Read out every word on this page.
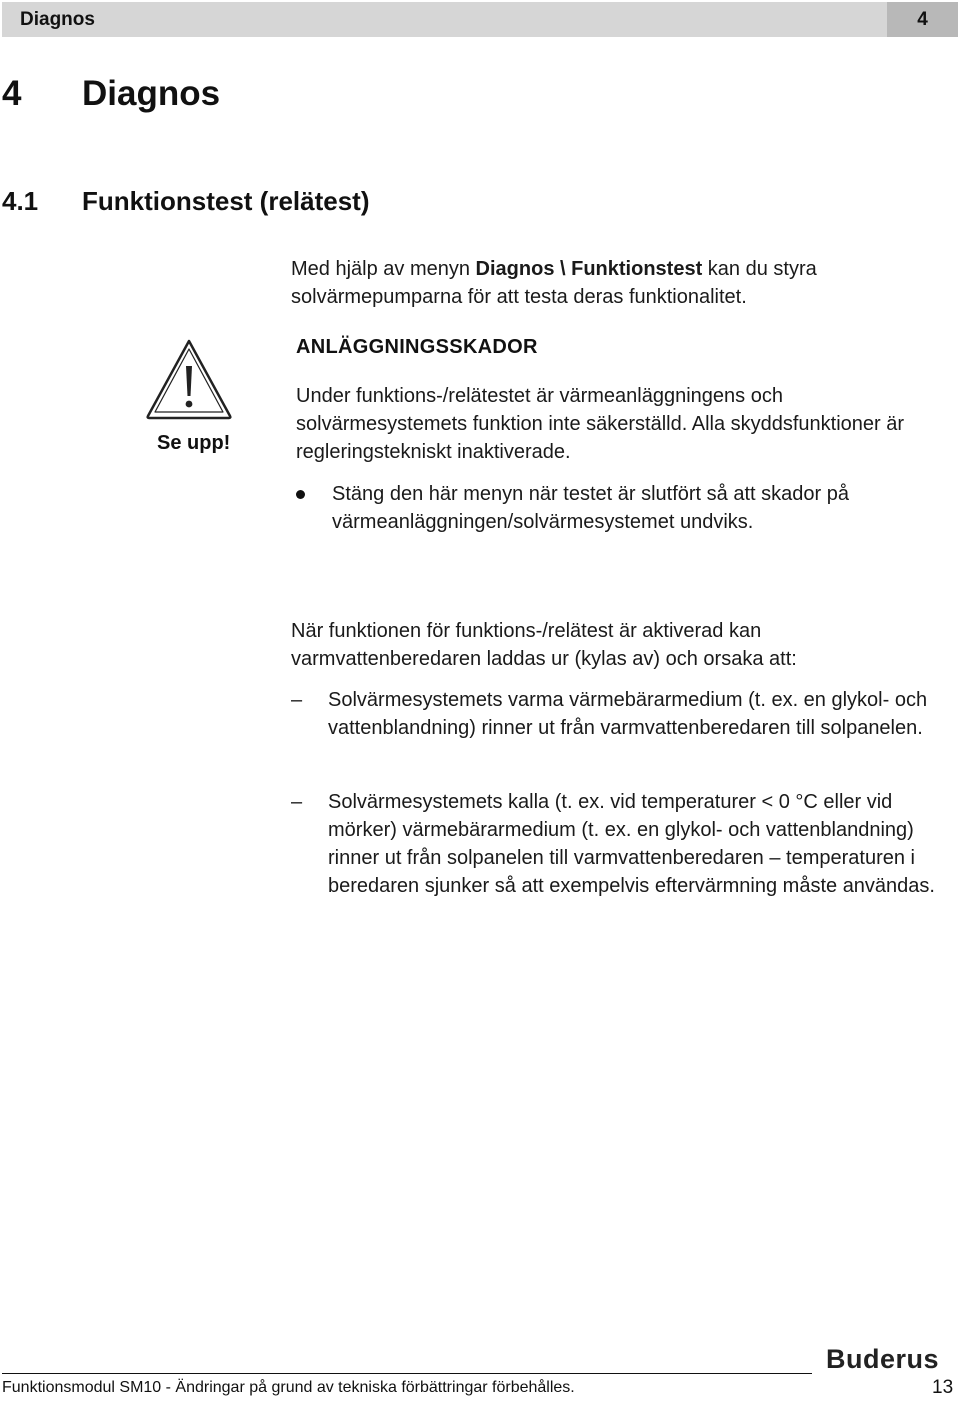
Diagnos	4
4 Diagnos
4.1 Funktionstest (relätest)
Med hjälp av menyn Diagnos \ Funktionstest kan du styra solvärmepumparna för att testa deras funktionalitet.
Se upp!
ANLÄGGNINGSSKADOR
Under funktions-/relätestet är värmeanläggningens och solvärmesystemets funktion inte säkerställd. Alla skyddsfunktioner är regleringstekniskt inaktiverade.
Stäng den här menyn när testet är slutfört så att skador på värmeanläggningen/solvärmesystemet undviks.
När funktionen för funktions-/relätest är aktiverad kan varmvattenberedaren laddas ur (kylas av) och orsaka att:
–	Solvärmesystemets varma värmebärarmedium (t. ex. en glykol- och vattenblandning) rinner ut från varmvattenberedaren till solpanelen.
–	Solvärmesystemets kalla (t. ex. vid temperaturer < 0 °C eller vid mörker) värmebärarmedium (t. ex. en glykol- och vattenblandning) rinner ut från solpanelen till varmvattenberedaren – temperaturen i beredaren sjunker så att exempelvis eftervärmning måste användas.
Buderus
Funktionsmodul SM10 - Ändringar på grund av tekniska förbättringar förbehålles.	13
